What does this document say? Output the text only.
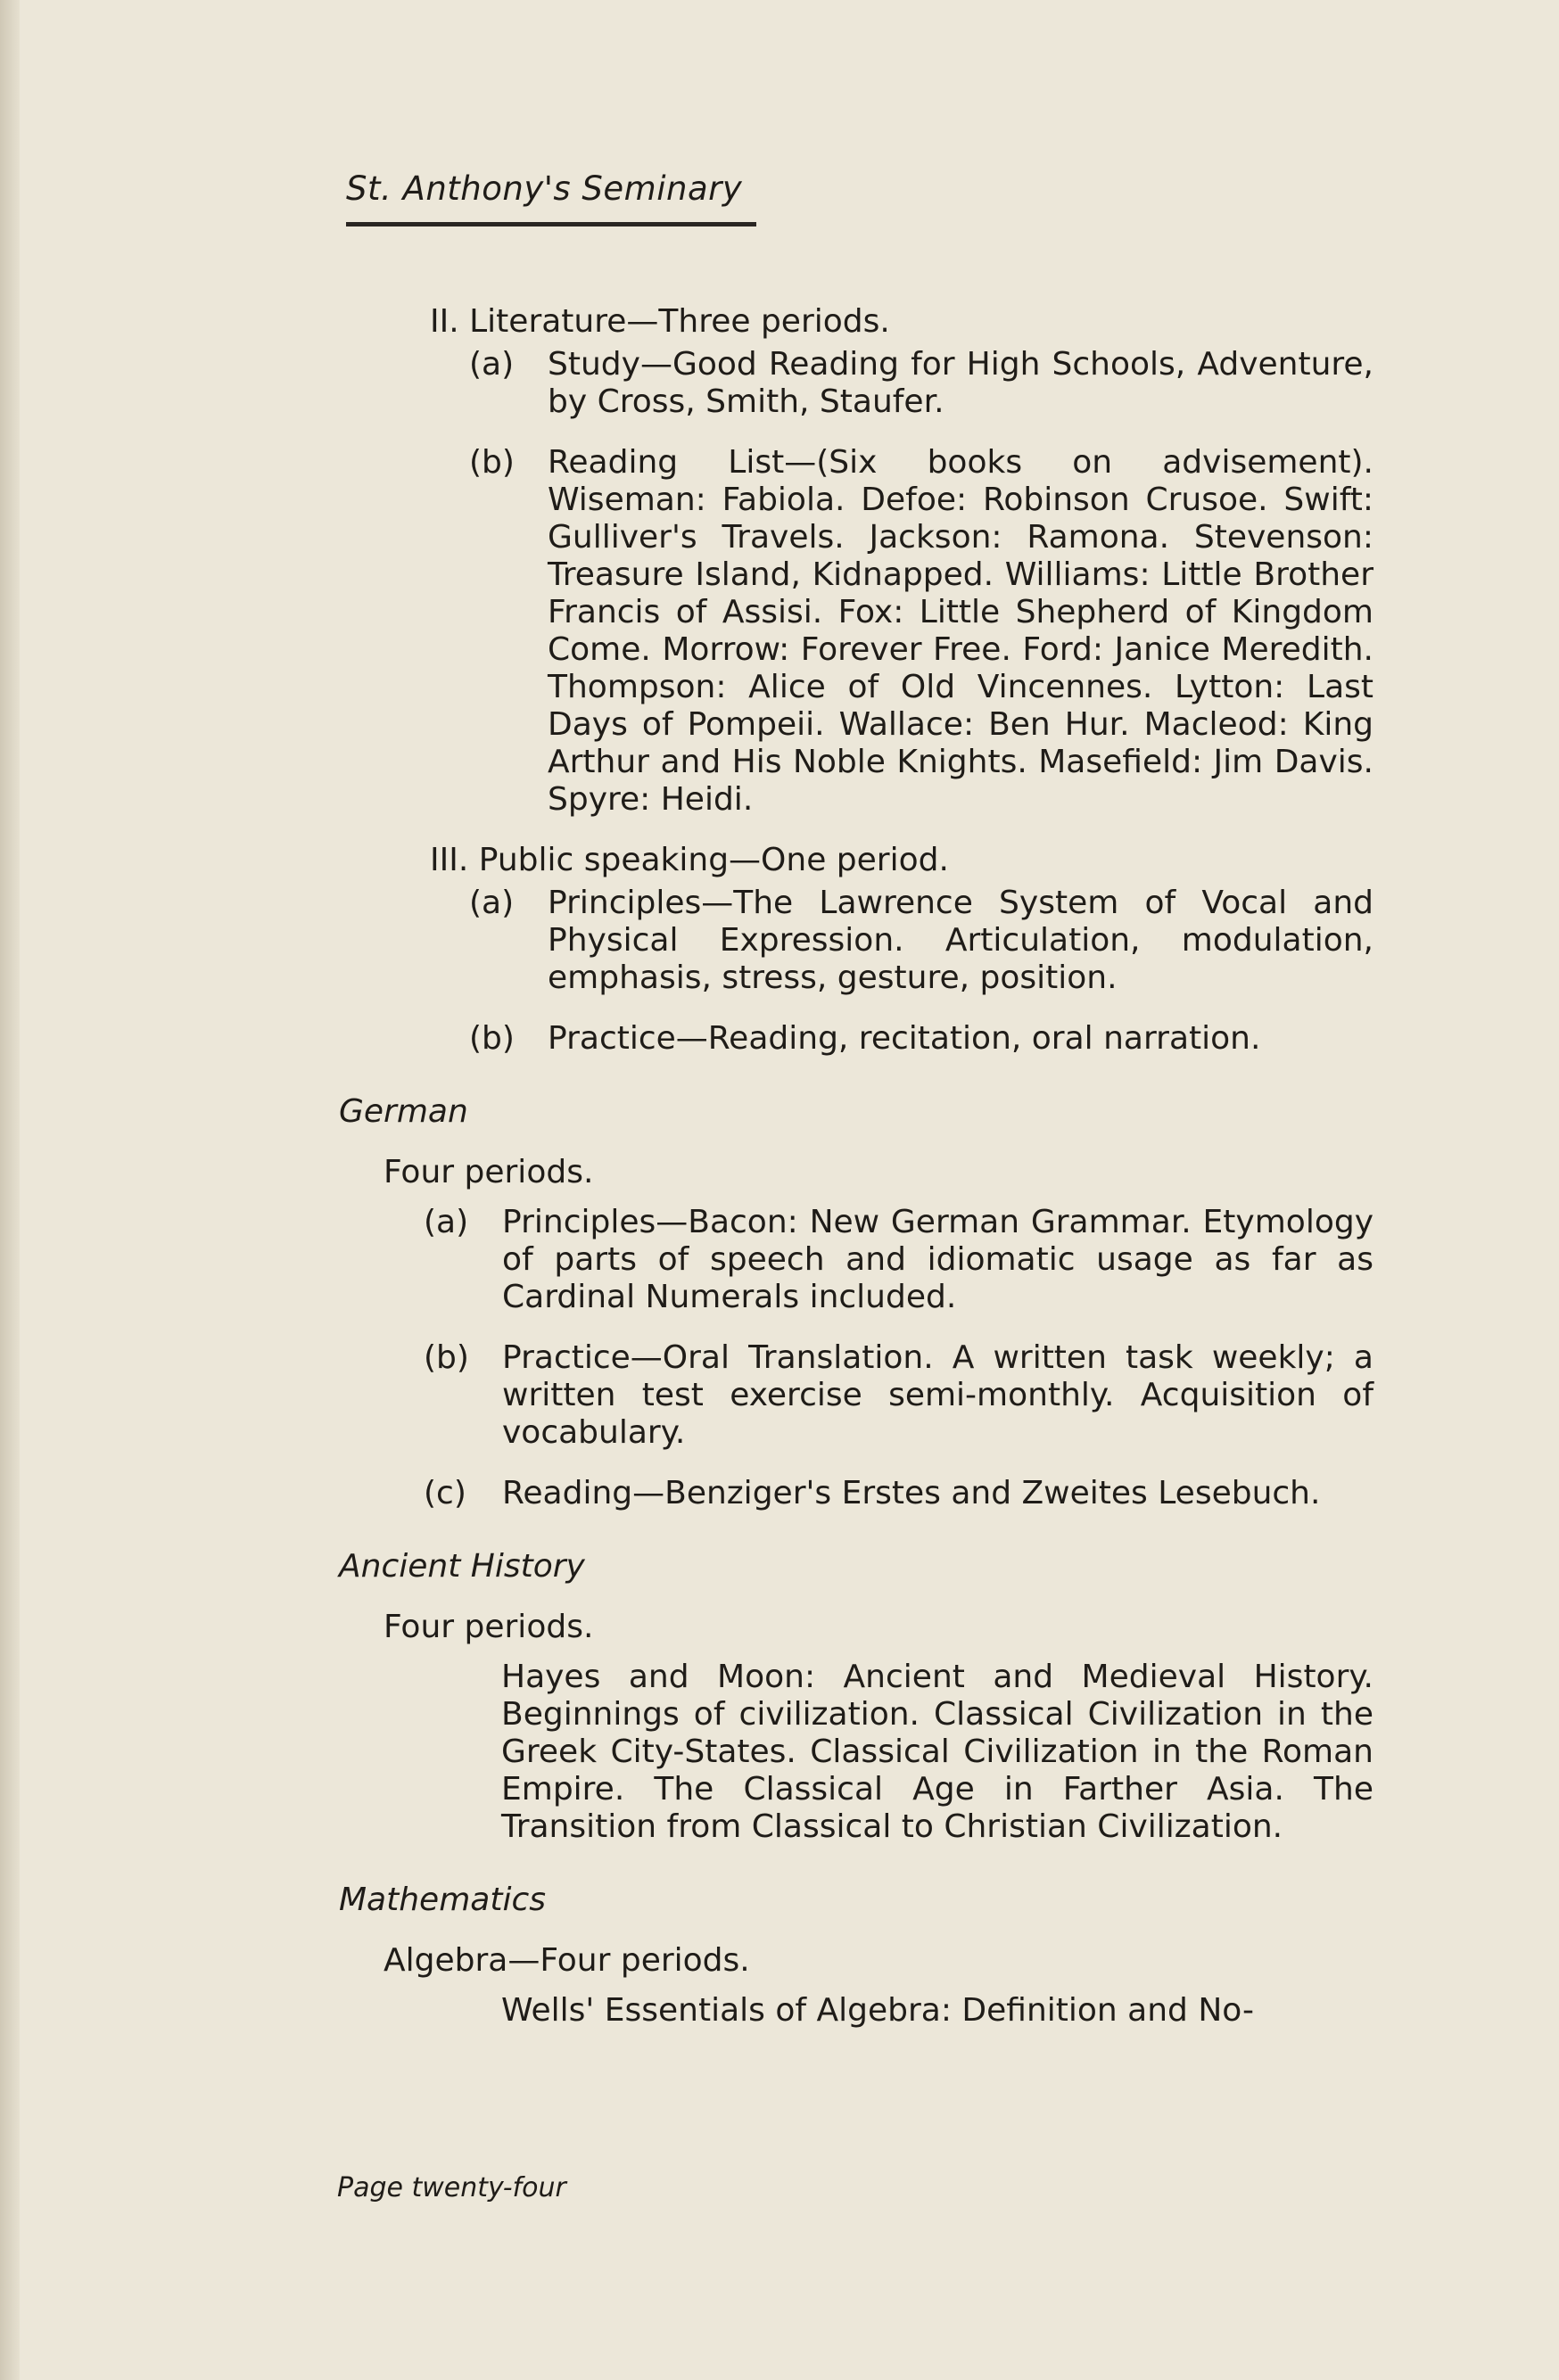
St. Anthony's Seminary
II. Literature—Three periods.
(a)	Study—Good Reading for High Schools, Adventure, by Cross, Smith, Staufer.
(b)	Reading List—(Six books on advisement). Wiseman: Fabiola. Defoe: Robinson Crusoe. Swift: Gulliver's Travels. Jackson: Ramona. Stevenson: Treasure Island, Kidnapped. Williams: Little Brother Francis of Assisi. Fox: Little Shepherd of Kingdom Come. Morrow: Forever Free. Ford: Janice Meredith. Thompson: Alice of Old Vincennes. Lytton: Last Days of Pompeii. Wallace: Ben Hur. Macleod: King Arthur and His Noble Knights. Masefield: Jim Davis. Spyre: Heidi.
III. Public speaking—One period.
(a)	Principles—The Lawrence System of Vocal and Physical Expression. Articulation, modulation, emphasis, stress, gesture, position.
(b)	Practice—Reading, recitation, oral narration.
German
Four periods.
(a)	Principles—Bacon: New German Grammar. Etymology of parts of speech and idiomatic usage as far as Cardinal Numerals included.
(b)	Practice—Oral Translation. A written task weekly; a written test exercise semi-monthly. Acquisition of vocabulary.
(c)	Reading—Benziger's Erstes and Zweites Lesebuch.
Ancient History
Four periods.
Hayes and Moon: Ancient and Medieval History. Beginnings of civilization. Classical Civilization in the Greek City-States. Classical Civilization in the Roman Empire. The Classical Age in Farther Asia. The Transition from Classical to Christian Civilization.
Mathematics
Algebra—Four periods.
Wells' Essentials of Algebra: Definition and No-
Page twenty-four
